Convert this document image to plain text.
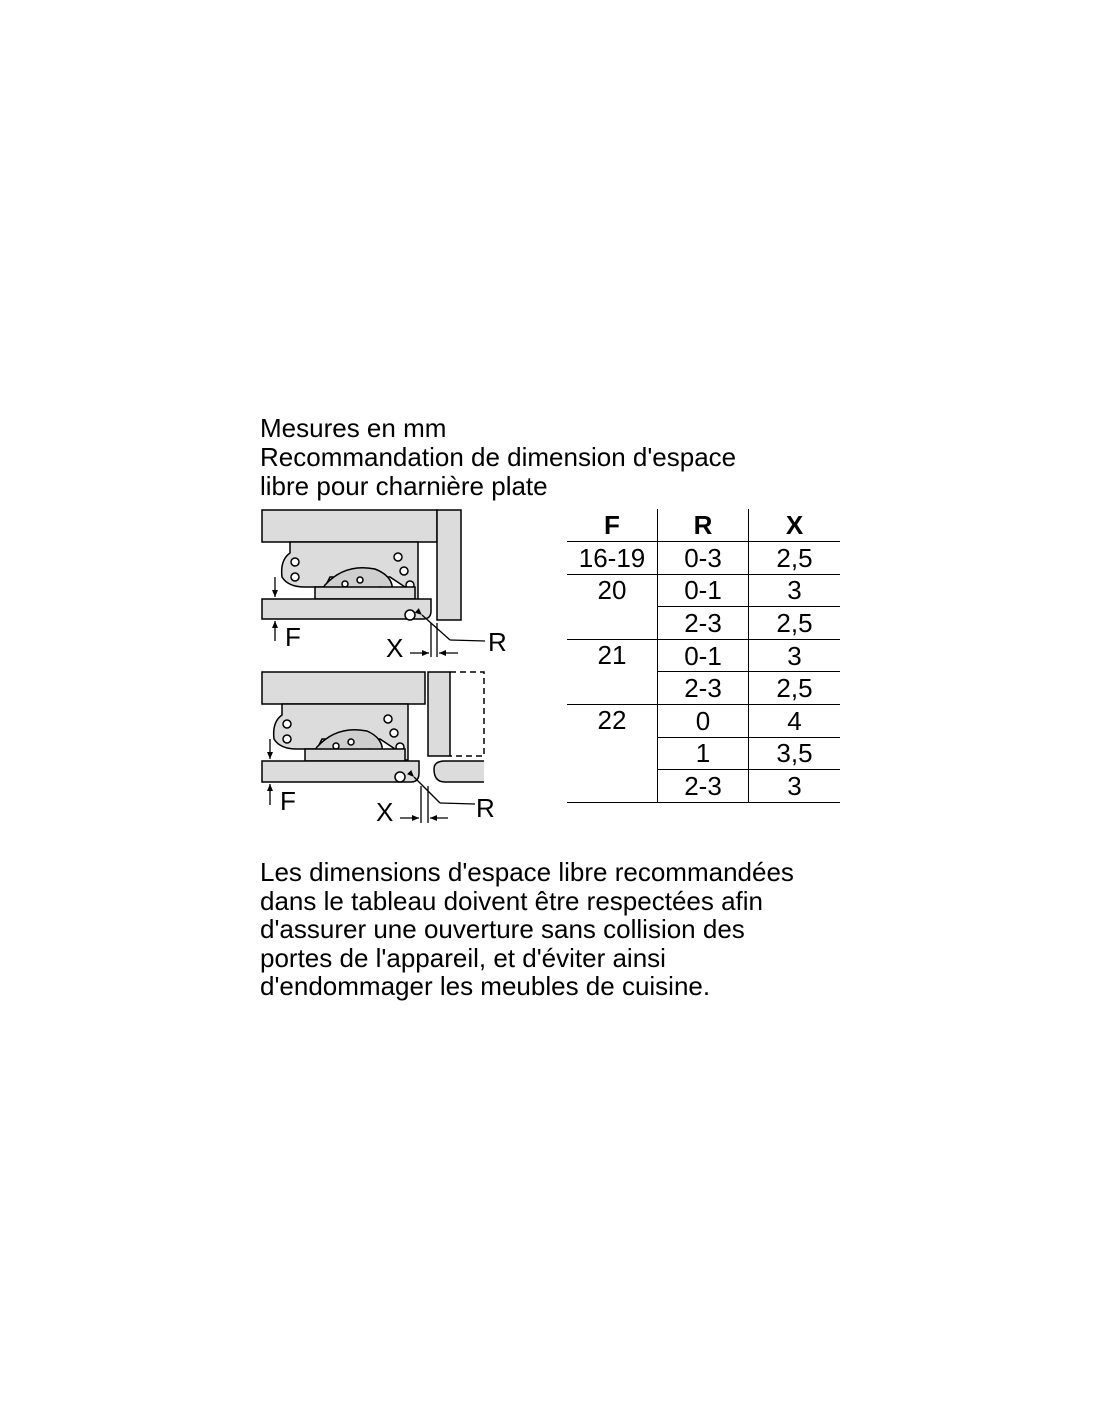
Mesures en mm
Recommandation de dimension d'espace
libre pour charnière plate
F	X	R
F	X	R
F	R	X
16-19	0-3	2,5
20	0-1	3
	2-3	2,5
21	0-1	3
	2-3	2,5
22	0	4
	1	3,5
	2-3	3
Les dimensions d'espace libre recommandées
dans le tableau doivent être respectées afin
d'assurer une ouverture sans collision des
portes de l'appareil, et d'éviter ainsi
d'endommager les meubles de cuisine.
